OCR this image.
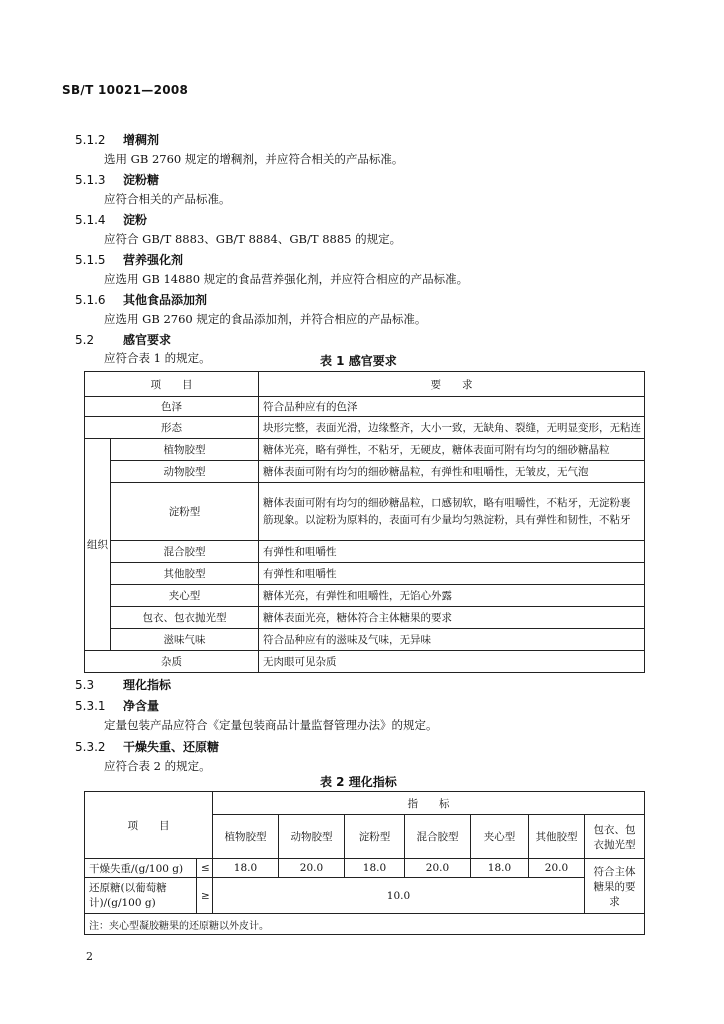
SB/T 10021—2008
5.1.2 增稠剂
选用 GB 2760 规定的增稠剂，并应符合相关的产品标准。
5.1.3 淀粉糖
应符合相关的产品标准。
5.1.4 淀粉
应符合 GB/T 8883、GB/T 8884、GB/T 8885 的规定。
5.1.5 营养强化剂
应选用 GB 14880 规定的食品营养强化剂，并应符合相应的产品标准。
5.1.6 其他食品添加剂
应选用 GB 2760 规定的食品添加剂，并符合相应的产品标准。
5.2 感官要求
应符合表 1 的规定。	表 1 感官要求
项　　目		要　　求
色泽		符合品种应有的色泽
形态		块形完整，表面光滑，边缘整齐，大小一致，无缺角、裂缝，无明显变形，无粘连
组织	植物胶型	糖体光亮，略有弹性，不粘牙，无硬皮，糖体表面可附有均匀的细砂糖晶粒
	动物胶型	糖体表面可附有均匀的细砂糖晶粒，有弹性和咀嚼性，无皱皮，无气泡
	淀粉型	糖体表面可附有均匀的细砂糖晶粒，口感韧软，略有咀嚼性，不粘牙，无淀粉裹筋现象。以淀粉为原料的，表面可有少量均匀熟淀粉，具有弹性和韧性，不粘牙
	混合胶型	有弹性和咀嚼性
	其他胶型	有弹性和咀嚼性
	夹心型	糖体光亮，有弹性和咀嚼性，无馅心外露
	包衣、包衣抛光型	糖体表面光亮，糖体符合主体糖果的要求
	滋味气味	符合品种应有的滋味及气味，无异味
杂质		无肉眼可见杂质
5.3 理化指标
5.3.1 净含量
定量包装产品应符合《定量包装商品计量监督管理办法》的规定。
5.3.2 干燥失重、还原糖
应符合表 2 的规定。
表 2 理化指标
项　　目		指　　标						
		植物胶型	动物胶型	淀粉型	混合胶型	夹心型	其他胶型	包衣、包衣抛光型
干燥失重/(g/100 g)	≤	18.0	20.0	18.0	20.0	18.0	20.0	符合主体糖果的要求
还原糖(以葡萄糖计)/(g/100 g)	≥	10.0						
注：夹心型凝胶糖果的还原糖以外皮计。								
2
